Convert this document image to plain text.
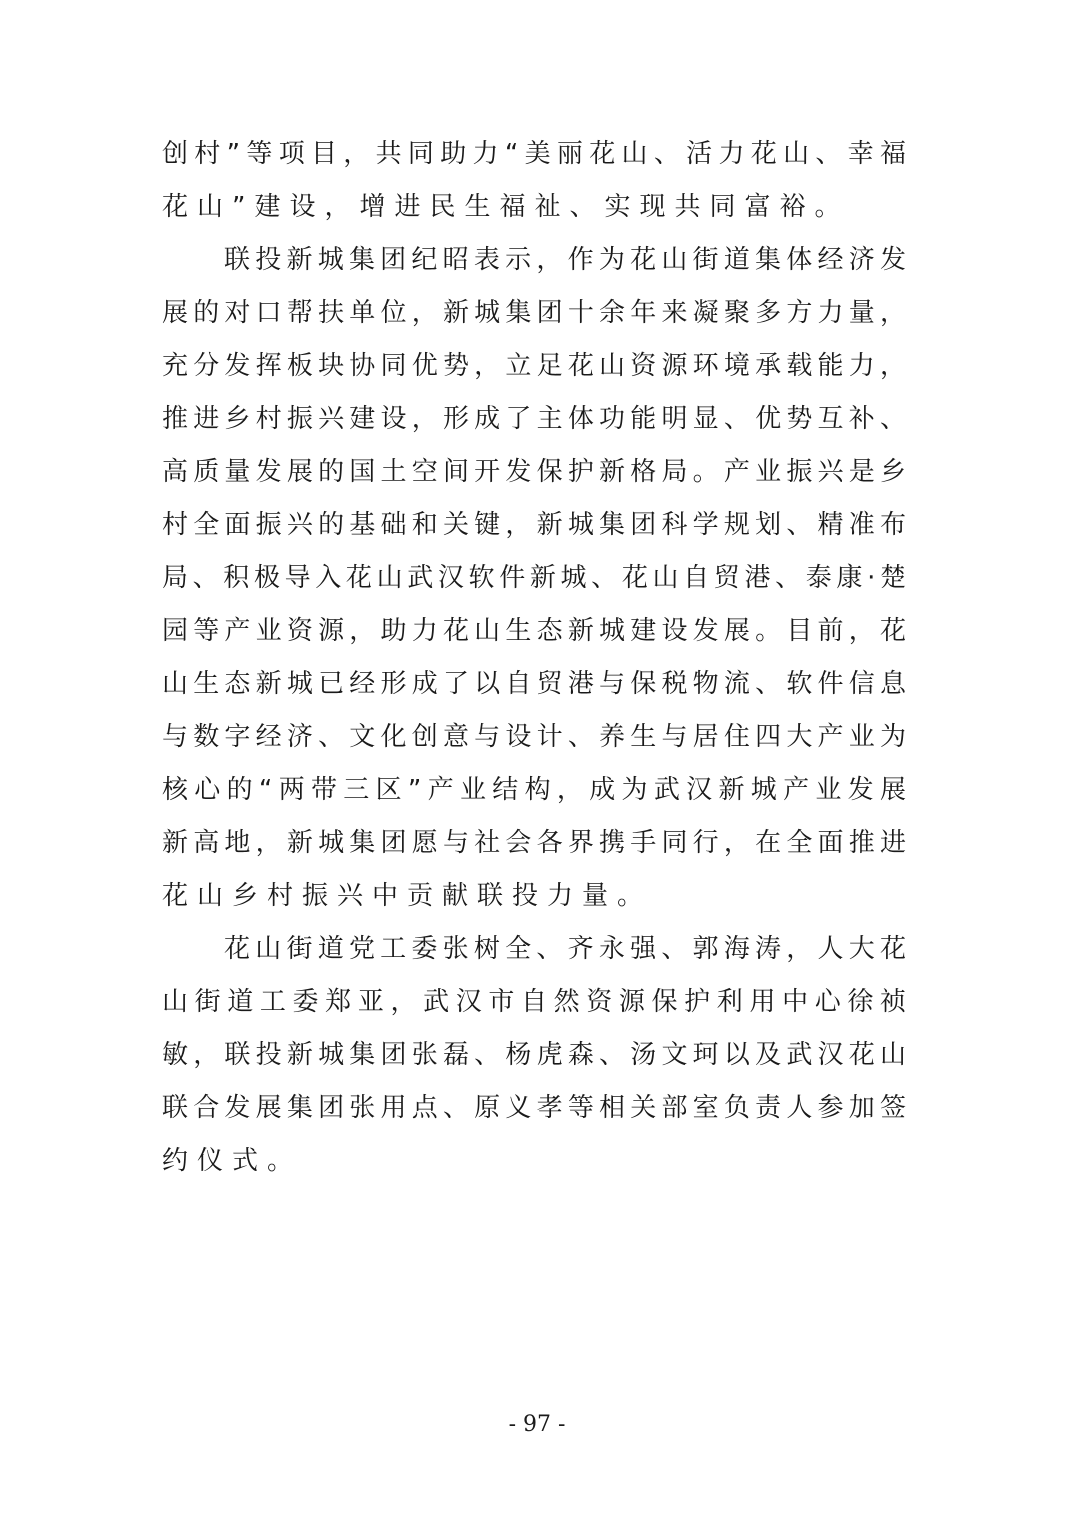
创村”等项目，共同助力“美丽花山、活力花山、幸福
花山”建设，增进民生福祉、实现共同富裕。
联投新城集团纪昭表示，作为花山街道集体经济发
展的对口帮扶单位，新城集团十余年来凝聚多方力量，
充分发挥板块协同优势，立足花山资源环境承载能力，
推进乡村振兴建设，形成了主体功能明显、优势互补、
高质量发展的国土空间开发保护新格局。产业振兴是乡
村全面振兴的基础和关键，新城集团科学规划、精准布
局、积极导入花山武汉软件新城、花山自贸港、泰康·楚
园等产业资源，助力花山生态新城建设发展。目前，花
山生态新城已经形成了以自贸港与保税物流、软件信息
与数字经济、文化创意与设计、养生与居住四大产业为
核心的“两带三区”产业结构，成为武汉新城产业发展
新高地，新城集团愿与社会各界携手同行，在全面推进
花山乡村振兴中贡献联投力量。
花山街道党工委张树全、齐永强、郭海涛，人大花
山街道工委郑亚，武汉市自然资源保护利用中心徐祯
敏，联投新城集团张磊、杨虎森、汤文珂以及武汉花山
联合发展集团张用点、原义孝等相关部室负责人参加签
约仪式。
- 97 -
